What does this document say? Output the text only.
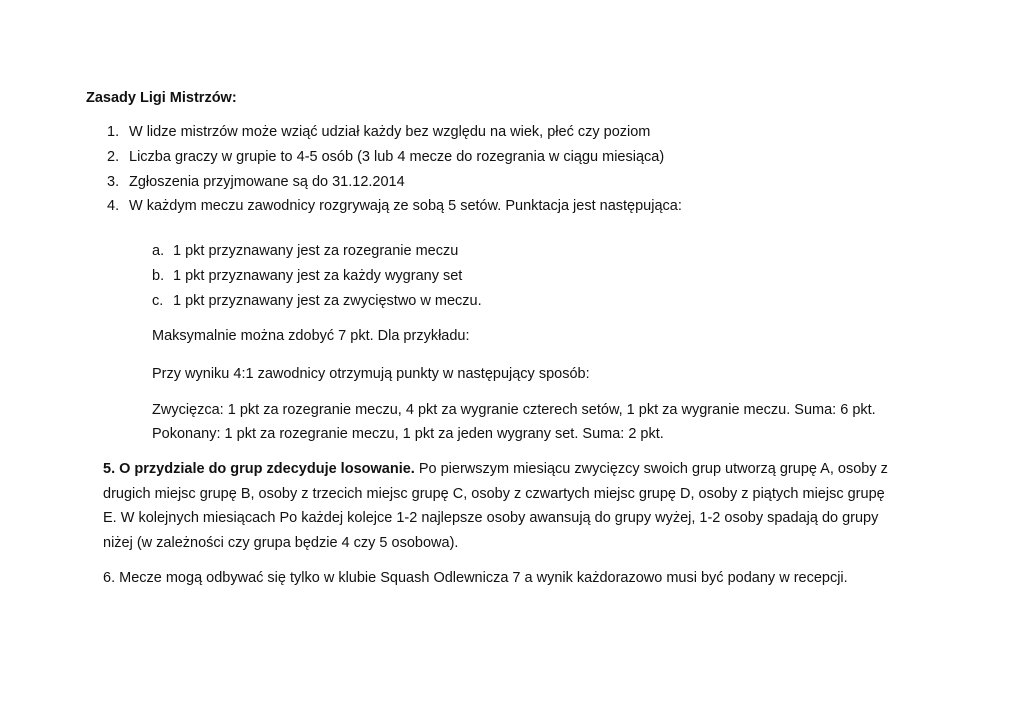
Zasady Ligi Mistrzów:
1. W lidze mistrzów może wziąć udział każdy bez względu na wiek, płeć czy poziom
2. Liczba graczy w grupie to 4-5 osób (3 lub 4 mecze do rozegrania w ciągu miesiąca)
3. Zgłoszenia przyjmowane są do 31.12.2014
4. W każdym meczu zawodnicy rozgrywają ze sobą 5 setów. Punktacja jest następująca:
a. 1 pkt przyznawany jest za rozegranie meczu
b. 1 pkt przyznawany jest za każdy wygrany set
c. 1 pkt przyznawany jest za zwycięstwo w meczu.
Maksymalnie można zdobyć 7 pkt. Dla przykładu:
Przy wyniku 4:1 zawodnicy otrzymują punkty w następujący sposób:
Zwycięzca: 1 pkt za rozegranie meczu, 4 pkt za wygranie czterech setów, 1 pkt za wygranie meczu. Suma: 6 pkt.
Pokonany: 1 pkt za rozegranie meczu, 1 pkt za jeden wygrany set. Suma: 2 pkt.
5. O przydziale do grup zdecyduje losowanie. Po pierwszym miesiącu zwycięzcy swoich grup utworzą grupę A, osoby z
drugich miejsc grupę B, osoby z trzecich miejsc grupę C, osoby z czwartych miejsc grupę D, osoby z piątych miejsc grupę
E. W kolejnych miesiącach Po każdej kolejce 1-2 najlepsze osoby awansują do grupy wyżej, 1-2 osoby spadają do grupy
niżej (w zależności czy grupa będzie 4 czy 5 osobowa).
6. Mecze mogą odbywać się tylko w klubie Squash Odlewnicza 7 a wynik każdorazowo musi być podany w recepcji.
